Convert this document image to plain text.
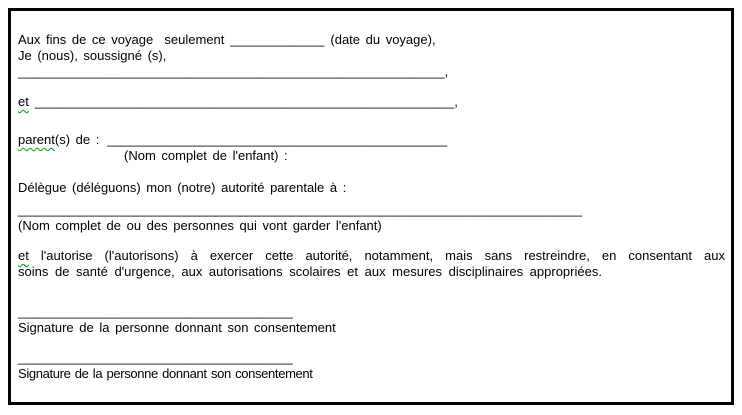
Aux fins de ce voyage  seulement _____________ (date du voyage),
Je (nous), soussigné (s),
___________________________________________________________,
et __________________________________________________________,
parent(s) de : _______________________________________________
(Nom complet de l'enfant) :
Délègue (déléguons) mon (notre) autorité parentale à :
______________________________________________________________________________
(Nom complet de ou des personnes qui vont garder l'enfant)
et l'autorise (l'autorisons) à exercer cette autorité, notamment, mais sans restreindre, en consentant aux
soins de santé d'urgence, aux autorisations scolaires et aux mesures disciplinaires appropriées.
______________________________________
Signature de la personne donnant son consentement
______________________________________
Signature de la personne donnant son consentement
